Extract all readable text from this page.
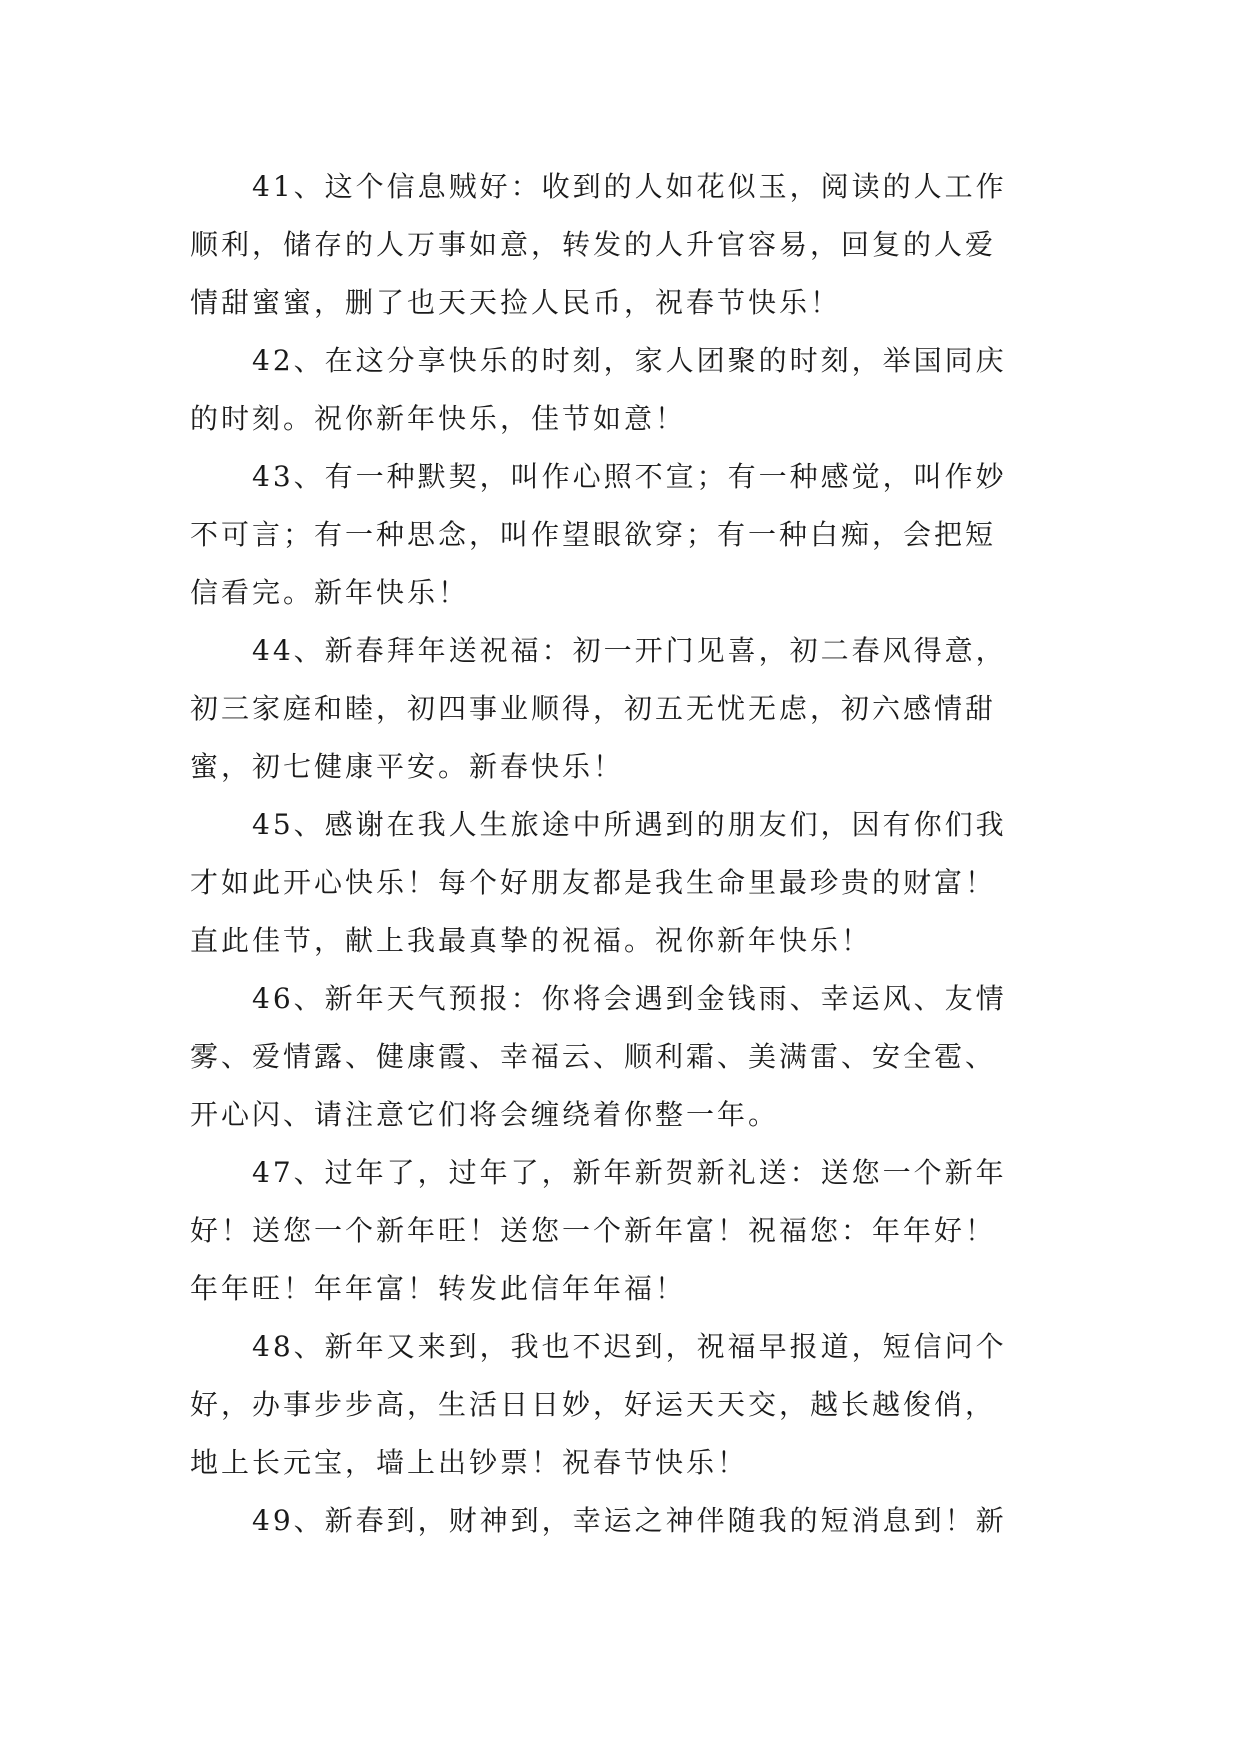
41、这个信息贼好：收到的人如花似玉，阅读的人工作
顺利，储存的人万事如意，转发的人升官容易，回复的人爱
情甜蜜蜜，删了也天天捡人民币，祝春节快乐！
42、在这分享快乐的时刻，家人团聚的时刻，举国同庆
的时刻。祝你新年快乐，佳节如意！
43、有一种默契，叫作心照不宣；有一种感觉，叫作妙
不可言；有一种思念，叫作望眼欲穿；有一种白痴，会把短
信看完。新年快乐！
44、新春拜年送祝福：初一开门见喜，初二春风得意，
初三家庭和睦，初四事业顺得，初五无忧无虑，初六感情甜
蜜，初七健康平安。新春快乐！
45、感谢在我人生旅途中所遇到的朋友们，因有你们我
才如此开心快乐！每个好朋友都是我生命里最珍贵的财富！
直此佳节，献上我最真挚的祝福。祝你新年快乐！
46、新年天气预报：你将会遇到金钱雨、幸运风、友情
雾、爱情露、健康霞、幸福云、顺利霜、美满雷、安全雹、
开心闪、请注意它们将会缠绕着你整一年。
47、过年了，过年了，新年新贺新礼送：送您一个新年
好！送您一个新年旺！送您一个新年富！祝福您：年年好！
年年旺！年年富！转发此信年年福！
48、新年又来到，我也不迟到，祝福早报道，短信问个
好，办事步步高，生活日日妙，好运天天交，越长越俊俏，
地上长元宝，墙上出钞票！祝春节快乐！
49、新春到，财神到，幸运之神伴随我的短消息到！新
